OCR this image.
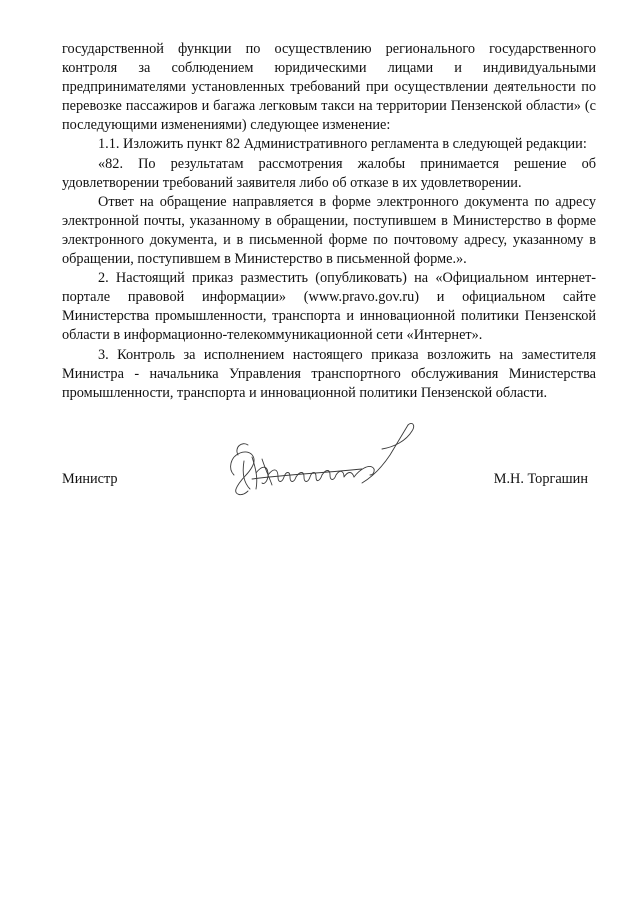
государственной функции по осуществлению регионального государственного контроля за соблюдением юридическими лицами и индивидуальными предпринимателями установленных требований при осуществлении деятельности по перевозке пассажиров и багажа легковым такси на территории Пензенской области» (с последующими изменениями) следующее изменение:

1.1. Изложить пункт 82 Административного регламента в следующей редакции:

«82. По результатам рассмотрения жалобы принимается решение об удовлетворении требований заявителя либо об отказе в их удовлетворении.

Ответ на обращение направляется в форме электронного документа по адресу электронной почты, указанному в обращении, поступившем в Министерство в форме электронного документа, и в письменной форме по почтовому адресу, указанному в обращении, поступившем в Министерство в письменной форме.».

2. Настоящий приказ разместить (опубликовать) на «Официальном интернет-портале правовой информации» (www.pravo.gov.ru) и официальном сайте Министерства промышленности, транспорта и инновационной политики Пензенской области в информационно-телекоммуникационной сети «Интернет».

3. Контроль за исполнением настоящего приказа возложить на заместителя Министра - начальника Управления транспортного обслуживания Министерства промышленности, транспорта и инновационной политики Пензенской области.

Министр	М.Н. Торгашин
